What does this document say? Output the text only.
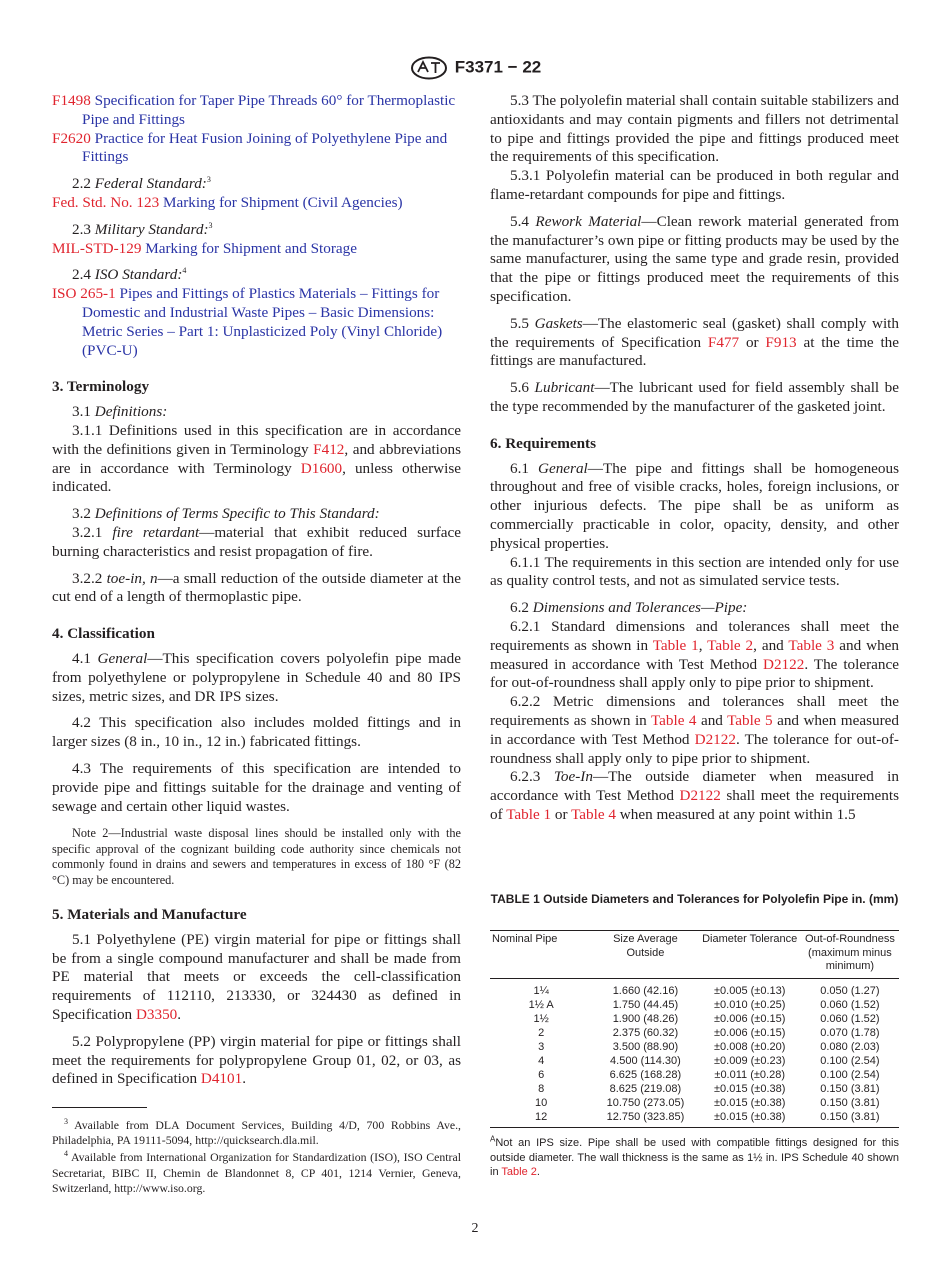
F3371 − 22

F1498 Specification for Taper Pipe Threads 60° for Thermoplastic Pipe and Fittings

F2620 Practice for Heat Fusion Joining of Polyethylene Pipe and Fittings

2.2 Federal Standard:$^3$

Fed. Std. No. 123 Marking for Shipment (Civil Agencies)

2.3 Military Standard:$^3$

MIL-STD-129 Marking for Shipment and Storage

2.4 ISO Standard:$^4$

ISO 265-1 Pipes and Fittings of Plastics Materials – Fittings for Domestic and Industrial Waste Pipes – Basic Dimensions: Metric Series – Part 1: Unplasticized Poly (Vinyl Chloride) (PVC-U)

3. Terminology

3.1 Definitions:

3.1.1 Definitions used in this specification are in accordance with the definitions given in Terminology F412, and abbreviations are in accordance with Terminology D1600, unless otherwise indicated.

3.2 Definitions of Terms Specific to This Standard:

3.2.1 fire retardant—material that exhibit reduced surface burning characteristics and resist propagation of fire.

3.2.2 toe-in, n—a small reduction of the outside diameter at the cut end of a length of thermoplastic pipe.

4. Classification

4.1 General—This specification covers polyolefin pipe made from polyethylene or polypropylene in Schedule 40 and 80 IPS sizes, metric sizes, and DR IPS sizes.

4.2 This specification also includes molded fittings and in larger sizes (8 in., 10 in., 12 in.) fabricated fittings.

4.3 The requirements of this specification are intended to provide pipe and fittings suitable for the drainage and venting of sewage and certain other liquid wastes.

Note 2—Industrial waste disposal lines should be installed only with the specific approval of the cognizant building code authority since chemicals not commonly found in drains and sewers and temperatures in excess of 180 °F (82 °C) may be encountered.

5. Materials and Manufacture

5.1 Polyethylene (PE) virgin material for pipe or fittings shall be from a single compound manufacturer and shall be made from PE material that meets or exceeds the cell-classification requirements of 112110, 213330, or 324430 as defined in Specification D3350.

5.2 Polypropylene (PP) virgin material for pipe or fittings shall meet the requirements for polypropylene Group 01, 02, or 03, as defined in Specification D4101.

$^3$ Available from DLA Document Services, Building 4/D, 700 Robbins Ave., Philadelphia, PA 19111-5094, http://quicksearch.dla.mil.

$^4$ Available from International Organization for Standardization (ISO), ISO Central Secretariat, BIBC II, Chemin de Blandonnet 8, CP 401, 1214 Vernier, Geneva, Switzerland, http://www.iso.org.

5.3 The polyolefin material shall contain suitable stabilizers and antioxidants and may contain pigments and fillers not detrimental to pipe and fittings provided the pipe and fittings produced meet the requirements of this specification.

5.3.1 Polyolefin material can be produced in both regular and flame-retardant compounds for pipe and fittings.

5.4 Rework Material—Clean rework material generated from the manufacturer’s own pipe or fitting products may be used by the same manufacturer, using the same type and grade resin, provided that the pipe or fittings produced meet the requirements of this specification.

5.5 Gaskets—The elastomeric seal (gasket) shall comply with the requirements of Specification F477 or F913 at the time the fittings are manufactured.

5.6 Lubricant—The lubricant used for field assembly shall be the type recommended by the manufacturer of the gasketed joint.

6. Requirements

6.1 General—The pipe and fittings shall be homogeneous throughout and free of visible cracks, holes, foreign inclusions, or other injurious defects. The pipe shall be as uniform as commercially practicable in color, opacity, density, and other physical properties.

6.1.1 The requirements in this section are intended only for use as quality control tests, and not as simulated service tests.

6.2 Dimensions and Tolerances—Pipe:

6.2.1 Standard dimensions and tolerances shall meet the requirements as shown in Table 1, Table 2, and Table 3 and when measured in accordance with Test Method D2122. The tolerance for out-of-roundness shall apply only to pipe prior to shipment.

6.2.2 Metric dimensions and tolerances shall meet the requirements as shown in Table 4 and Table 5 and when measured in accordance with Test Method D2122. The tolerance for out-of-roundness shall apply only to pipe prior to shipment.

6.2.3 Toe-In—The outside diameter when measured in accordance with Test Method D2122 shall meet the requirements of Table 1 or Table 4 when measured at any point within 1.5

TABLE 1 Outside Diameters and Tolerances for Polyolefin Pipe in. (mm)
Nominal Pipe	Size Average Outside	Diameter Tolerance	Out-of-Roundness (maximum minus minimum)
1¼	1.660 (42.16)	±0.005 (±0.13)	0.050 (1.27)
1½ A	1.750 (44.45)	±0.010 (±0.25)	0.060 (1.52)
1½	1.900 (48.26)	±0.006 (±0.15)	0.060 (1.52)
2	2.375 (60.32)	±0.006 (±0.15)	0.070 (1.78)
3	3.500 (88.90)	±0.008 (±0.20)	0.080 (2.03)
4	4.500 (114.30)	±0.009 (±0.23)	0.100 (2.54)
6	6.625 (168.28)	±0.011 (±0.28)	0.100 (2.54)
8	8.625 (219.08)	±0.015 (±0.38)	0.150 (3.81)
10	10.750 (273.05)	±0.015 (±0.38)	0.150 (3.81)
12	12.750 (323.85)	±0.015 (±0.38)	0.150 (3.81)
$^A$Not an IPS size. Pipe shall be used with compatible fittings designed for this outside diameter. The wall thickness is the same as 1½ in. IPS Schedule 40 shown in Table 2.
2
